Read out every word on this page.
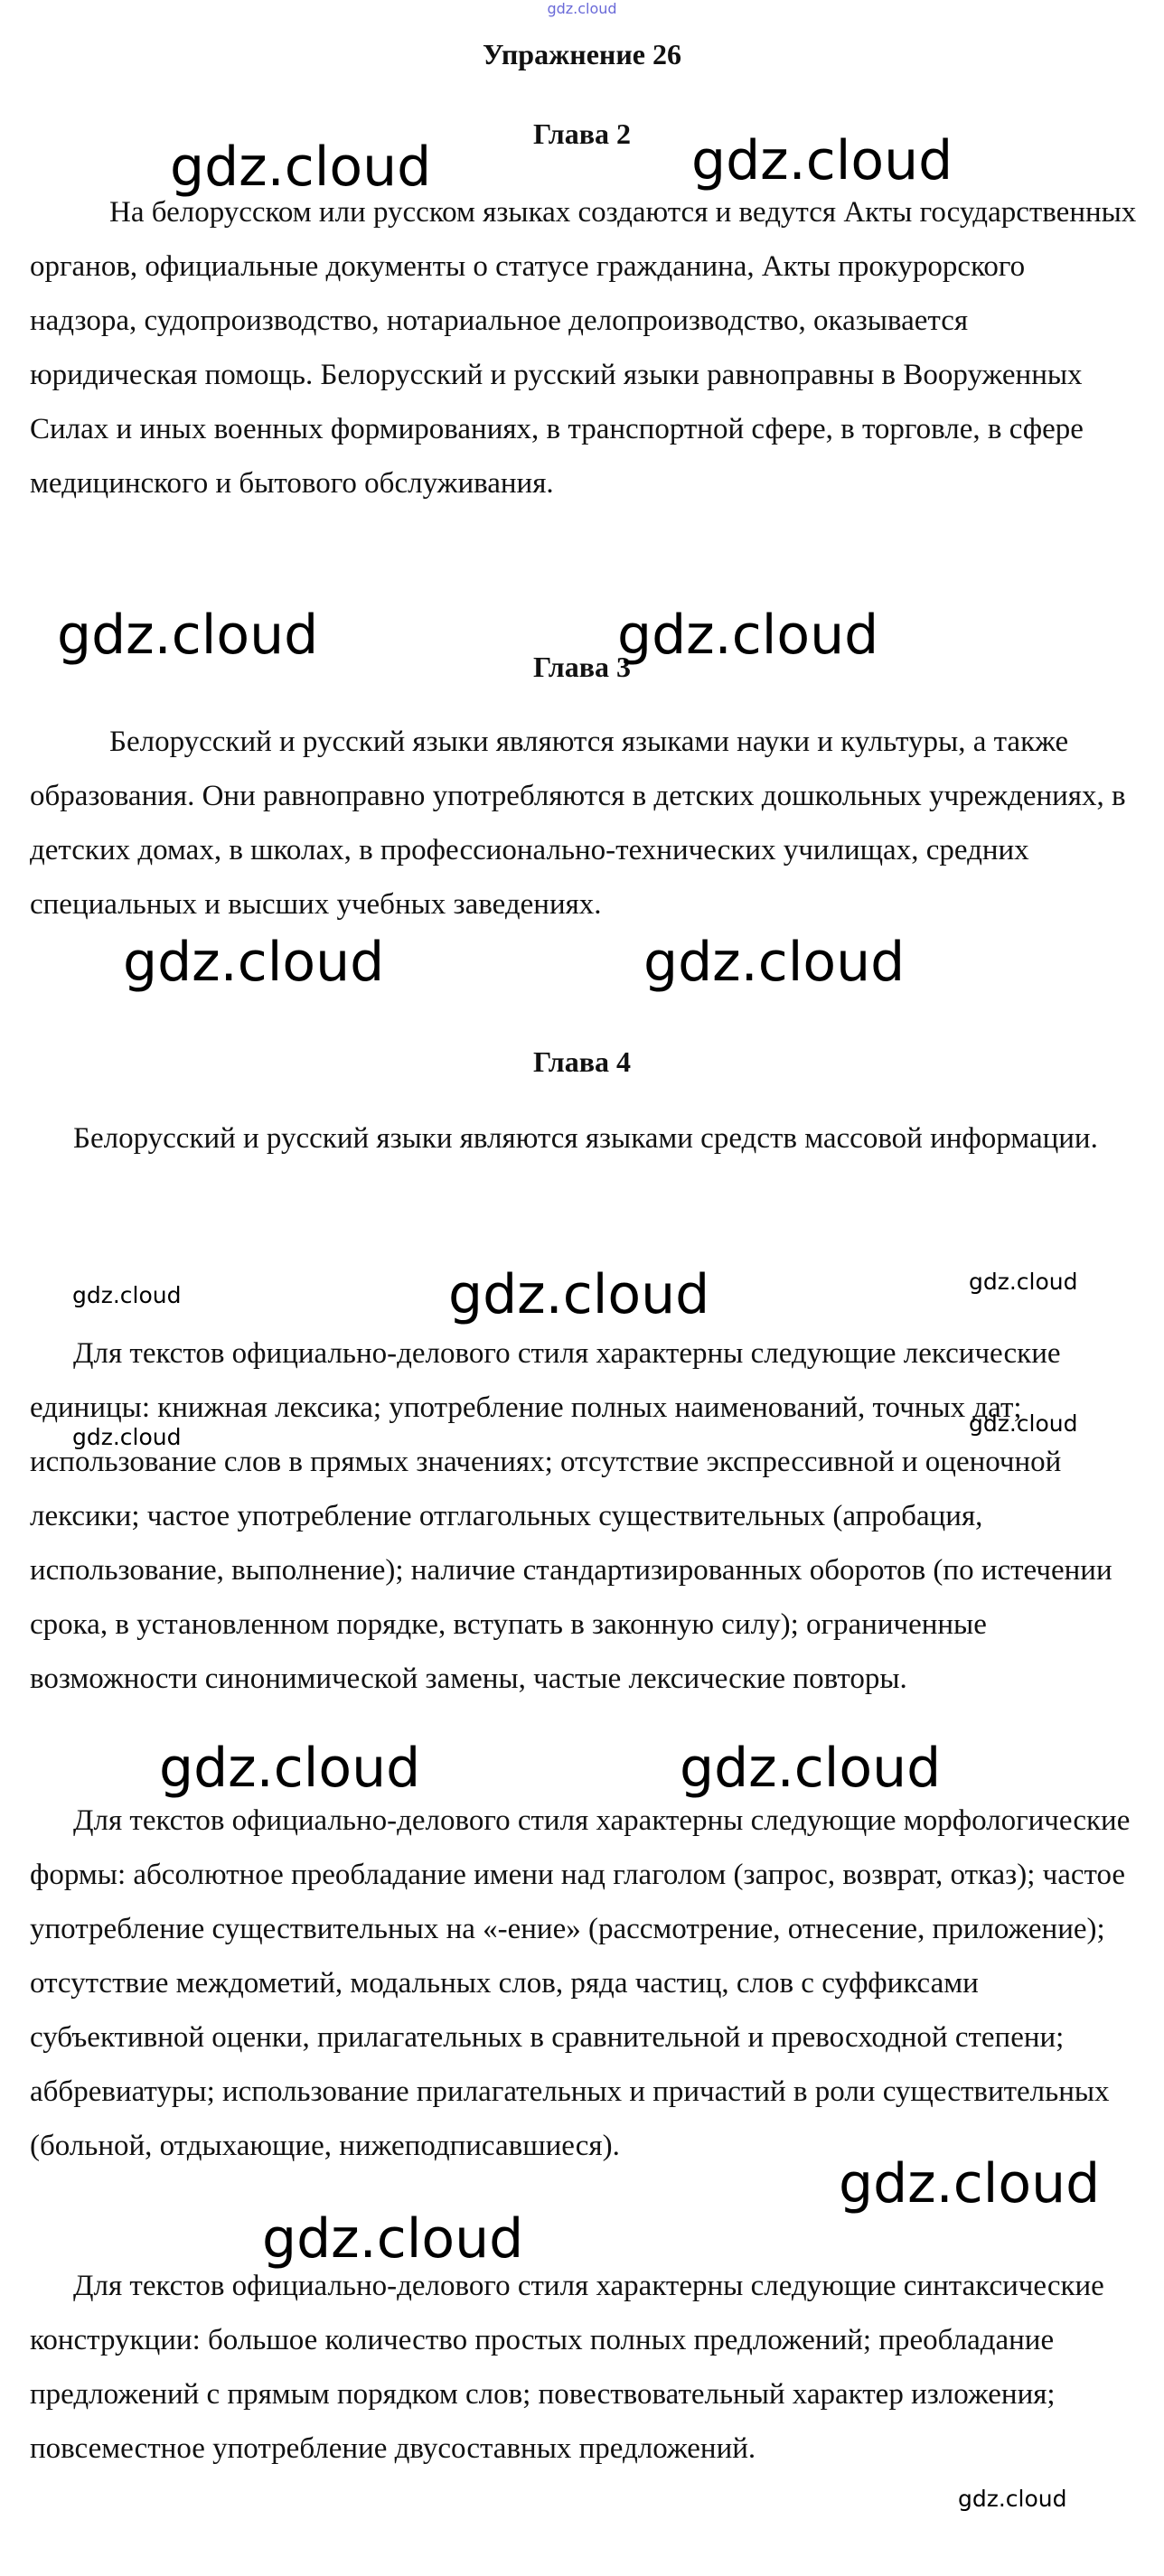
gdz.cloud
Упражнение 26
Глава 2

На белорусском или русском языках создаются и ведутся Акты государственных органов, официальные документы о статусе гражданина, Акты прокурорского надзора, судопроизводство, нотариальное делопроизводство, оказывается юридическая помощь. Белорусский и русский языки равноправны в Вооруженных Силах и иных военных формированиях, в транспортной сфере, в торговле, в сфере медицинского и бытового обслуживания.

Глава 3

Белорусский и русский языки являются языками науки и культуры, а также образования. Они равноправно употребляются в детских дошкольных учреждениях, в детских домах, в школах, в профессионально-технических училищах, средних специальных и высших учебных заведениях.

Глава 4

Белорусский и русский языки являются языками средств массовой информации.

Для текстов официально-делового стиля характерны следующие лексические единицы: книжная лексика; употребление полных наименований, точных дат; использование слов в прямых значениях; отсутствие экспрессивной и оценочной лексики; частое употребление отглагольных существительных (апробация, использование, выполнение); наличие стандартизированных оборотов (по истечении срока, в установленном порядке, вступать в законную силу); ограниченные возможности синонимической замены, частые лексические повторы.

Для текстов официально-делового стиля характерны следующие морфологические формы: абсолютное преобладание имени над глаголом (запрос, возврат, отказ); частое употребление существительных на «-ение» (рассмотрение, отнесение, приложение); отсутствие междометий, модальных слов, ряда частиц, слов с суффиксами субъективной оценки, прилагательных в сравнительной и превосходной степени; аббревиатуры; использование прилагательных и причастий в роли существительных (больной, отдыхающие, нижеподписавшиеся).

Для текстов официально-делового стиля характерны следующие синтаксические конструкции: большое количество простых полных предложений; преобладание предложений с прямым порядком слов; повествовательный характер изложения; повсеместное употребление двусоставных предложений.

gdz.cloud	gdz.cloud
gdz.cloud	gdz.cloud
gdz.cloud	gdz.cloud
gdz.cloud	gdz.cloud	gdz.cloud
gdz.cloud
gdz.cloud
gdz.cloud	gdz.cloud
gdz.cloud
gdz.cloud
gdz.cloud
